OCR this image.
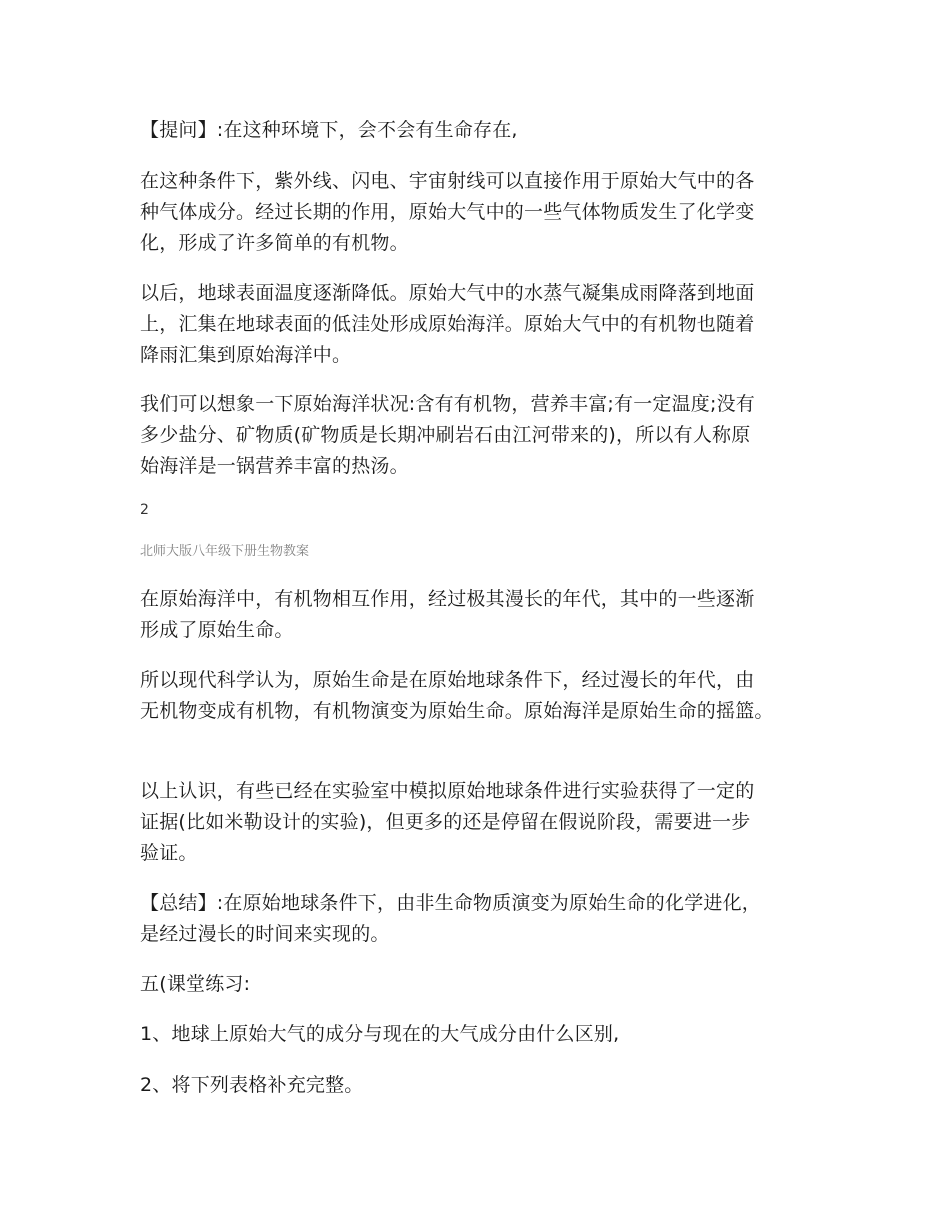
【提问】:在这种环境下，会不会有生命存在,

在这种条件下，紫外线、闪电、宇宙射线可以直接作用于原始大气中的各
种气体成分。经过长期的作用，原始大气中的一些气体物质发生了化学变
化，形成了许多简单的有机物。

以后，地球表面温度逐渐降低。原始大气中的水蒸气凝集成雨降落到地面
上，汇集在地球表面的低洼处形成原始海洋。原始大气中的有机物也随着
降雨汇集到原始海洋中。

我们可以想象一下原始海洋状况:含有有机物，营养丰富;有一定温度;没有
多少盐分、矿物质(矿物质是长期冲刷岩石由江河带来的)，所以有人称原
始海洋是一锅营养丰富的热汤。

2
北师大版八年级下册生物教案

在原始海洋中，有机物相互作用，经过极其漫长的年代，其中的一些逐渐
形成了原始生命。

所以现代科学认为，原始生命是在原始地球条件下，经过漫长的年代，由
无机物变成有机物，有机物演变为原始生命。原始海洋是原始生命的摇篮。

以上认识，有些已经在实验室中模拟原始地球条件进行实验获得了一定的
证据(比如米勒设计的实验)，但更多的还是停留在假说阶段，需要进一步
验证。

【总结】:在原始地球条件下，由非生命物质演变为原始生命的化学进化，
是经过漫长的时间来实现的。

五(课堂练习:

1、地球上原始大气的成分与现在的大气成分由什么区别,

2、将下列表格补充完整。
